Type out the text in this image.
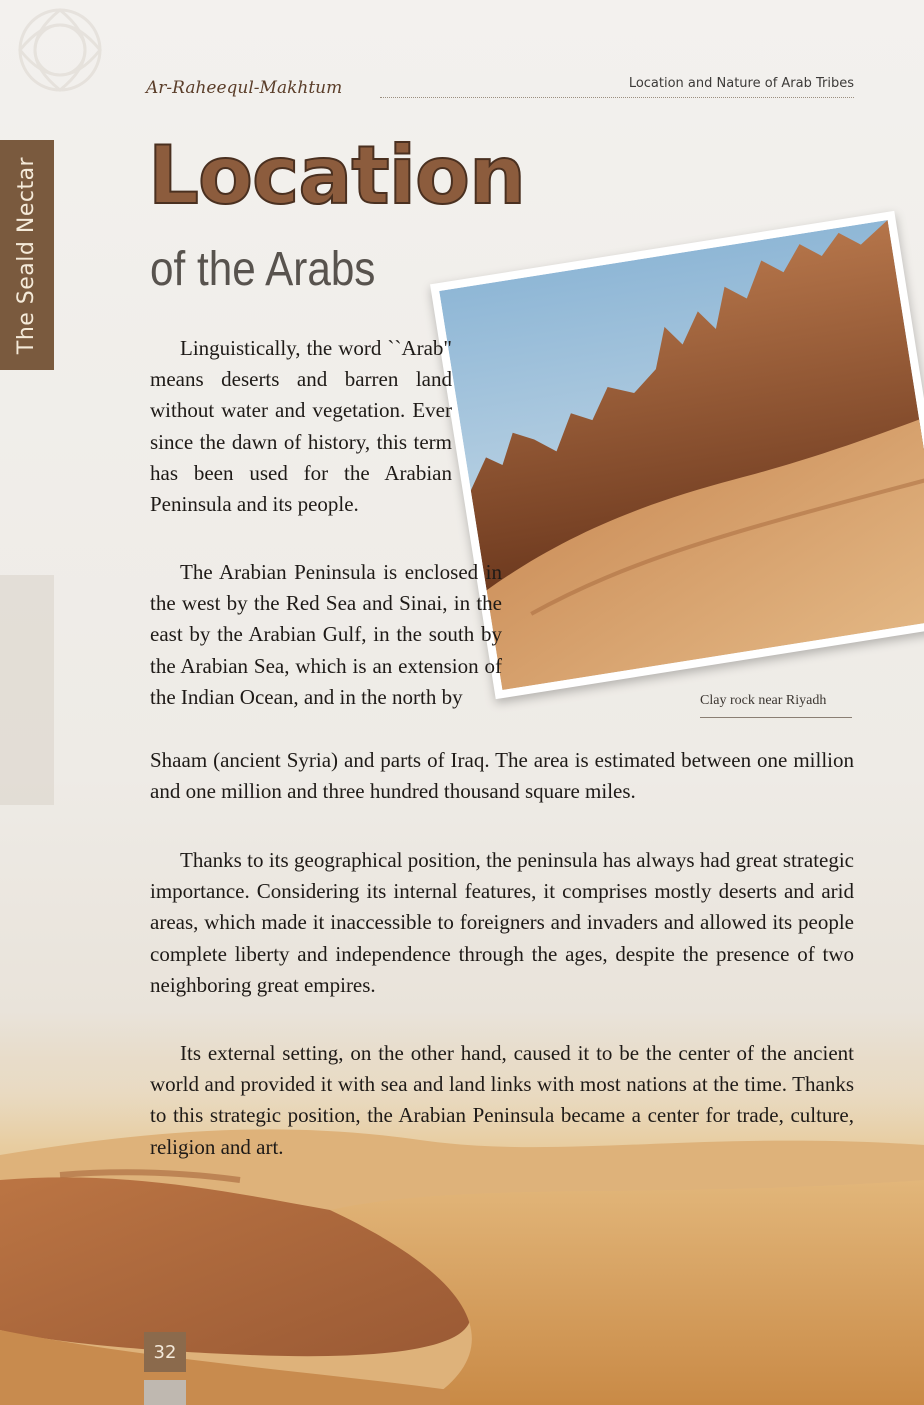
The Seald Nectar
Ar-Raheequl-Makhtum	Location and Nature of Arab Tribes
Location
of the Arabs
Clay rock near Riyadh

Linguistically, the word ``Arab" means deserts and barren land without water and vegetation. Ever since the dawn of history, this term has been used for the Arabian Peninsula and its people.

The Arabian Peninsula is enclosed in the west by the Red Sea and Sinai, in the east by the Arabian Gulf, in the south by the Arabian Sea, which is an extension of the Indian Ocean, and in the north by

Shaam (ancient Syria) and parts of Iraq. The area is estimated between one million and one million and three hundred thousand square miles.

Thanks to its geographical position, the peninsula has always had great strategic importance. Considering its internal features, it comprises mostly deserts and arid areas, which made it inaccessible to foreigners and invaders and allowed its people complete liberty and independence through the ages, despite the presence of two neighboring great empires.

Its external setting, on the other hand, caused it to be the center of the ancient world and provided it with sea and land links with most nations at the time. Thanks to this strategic position, the Arabian Peninsula became a center for trade, culture, religion and art.

32
